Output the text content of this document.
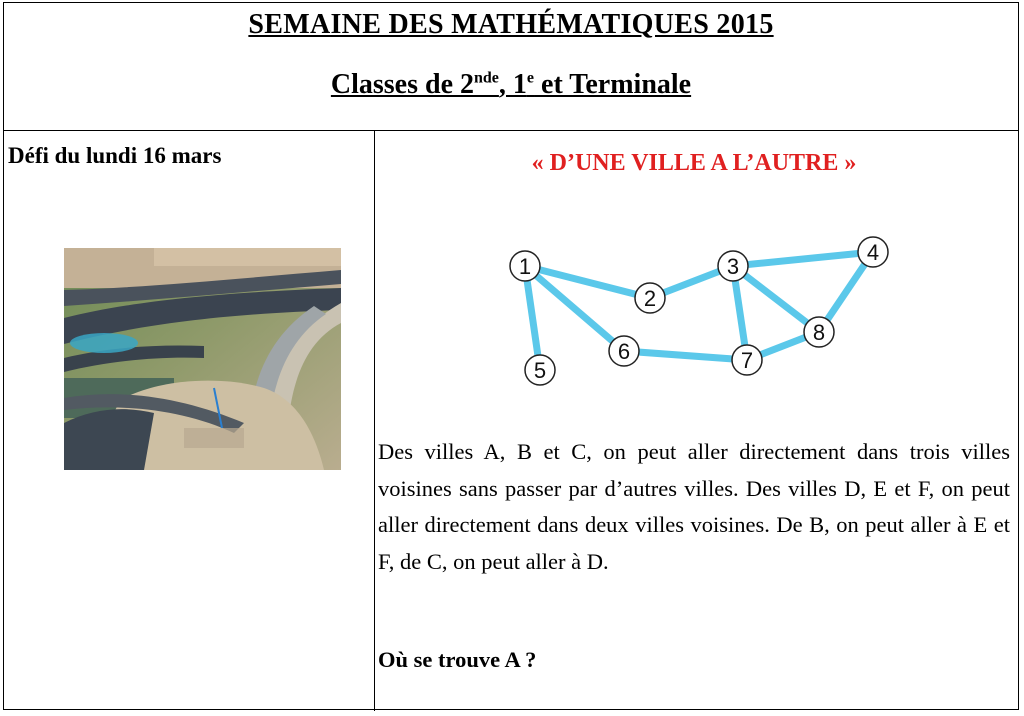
SEMAINE DES MATHÉMATIQUES 2015
Classes de 2nde, 1e et Terminale
Défi du lundi 16 mars	« D’UNE VILLE A L’AUTRE »
1
2
3
4
5
6	7
8

Des villes A, B et C, on peut aller directement dans trois villes voisines sans passer par d’autres villes. Des villes D, E et F, on peut aller directement dans deux villes voisines. De B, on peut aller à E et F, de C, on peut aller à D.

Où se trouve A ?
